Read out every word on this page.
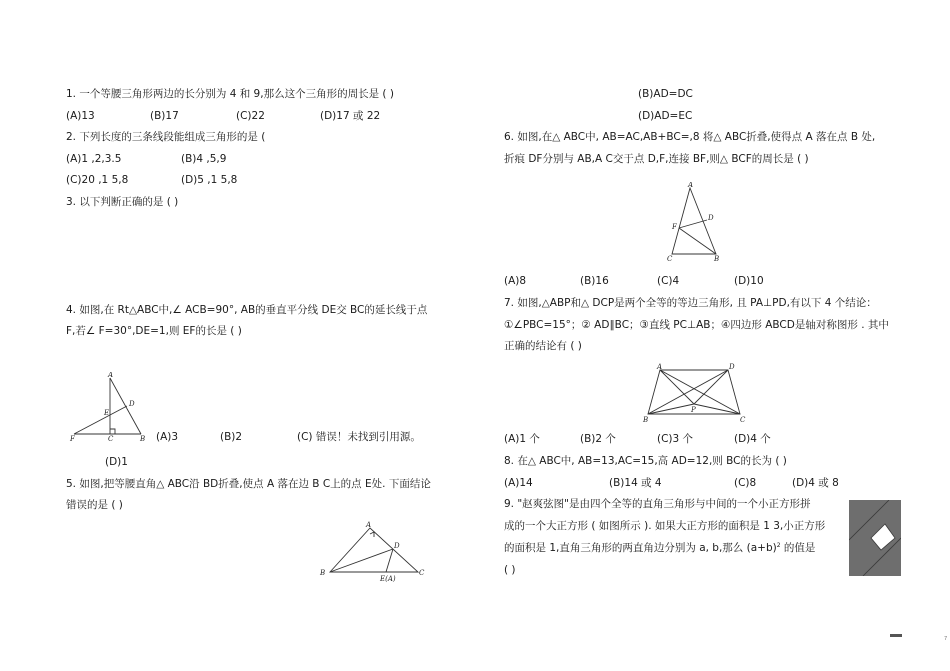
1. 一个等腰三角形两边的长分别为 4 和 9,那么这个三角形的周长是 ( )
(A)13	(B)17	(C)22	(D)17 或 22
2. 下列长度的三条线段能组成三角形的是 (
(A)1 ,2,3.5	(B)4 ,5,9
(C)20 ,1 5,8	(D)5 ,1 5,8
3. 以下判断正确的是 ( )
4. 如图,在 Rt△ABC中,∠ ACB=90°, AB的垂直平分线 DE交 BC的延长线于点
F,若∠ F=30°,DE=1,则 EF的长是 ( )
A
D
E
F	C	B (A)3	(B)2	(C) 错误！未找到引用源。
(D)1
5. 如图,把等腰直角△ ABC沿 BD折叠,使点 A 落在边 B C上的点 E处. 下面结论
错误的是 ( )
A
D
B
E(A)
C
(B)AD=DC
(D)AD=EC
6. 如图,在△ ABC中, AB=AC,AB+BC=,8 将△ ABC折叠,使得点 A 落在点 B 处,
折痕 DF分别与 AB,A C交于点 D,F,连接 BF,则△ BCF的周长是 ( )
A
D
F
C	B
(A)8	(B)16	(C)4	(D)10
7. 如图,△ABP和△ DCP是两个全等的等边三角形, 且 PA⊥PD,有以下 4 个结论：
①∠PBC=15°；② AD∥BC；③直线 PC⊥AB；④四边形 ABCD是轴对称图形 . 其中
正确的结论有 ( )
A	D
P
B	C
(A)1 个	(B)2 个	(C)3 个	(D)4 个
8. 在△ ABC中, AB=13,AC=15,高 AD=12,则 BC的长为 ( )
(A)14	(B)14 或 4	(C)8	(D)4 或 8
9. "赵爽弦图"是由四个全等的直角三角形与中间的一个小正方形拼
成的一个大正方形 ( 如图所示 ). 如果大正方形的面积是 1 3,小正方形
的面积是 1,直角三角形的两直角边分别为 a, b,那么 $(a+b)^2$ 的值是
( )
7
